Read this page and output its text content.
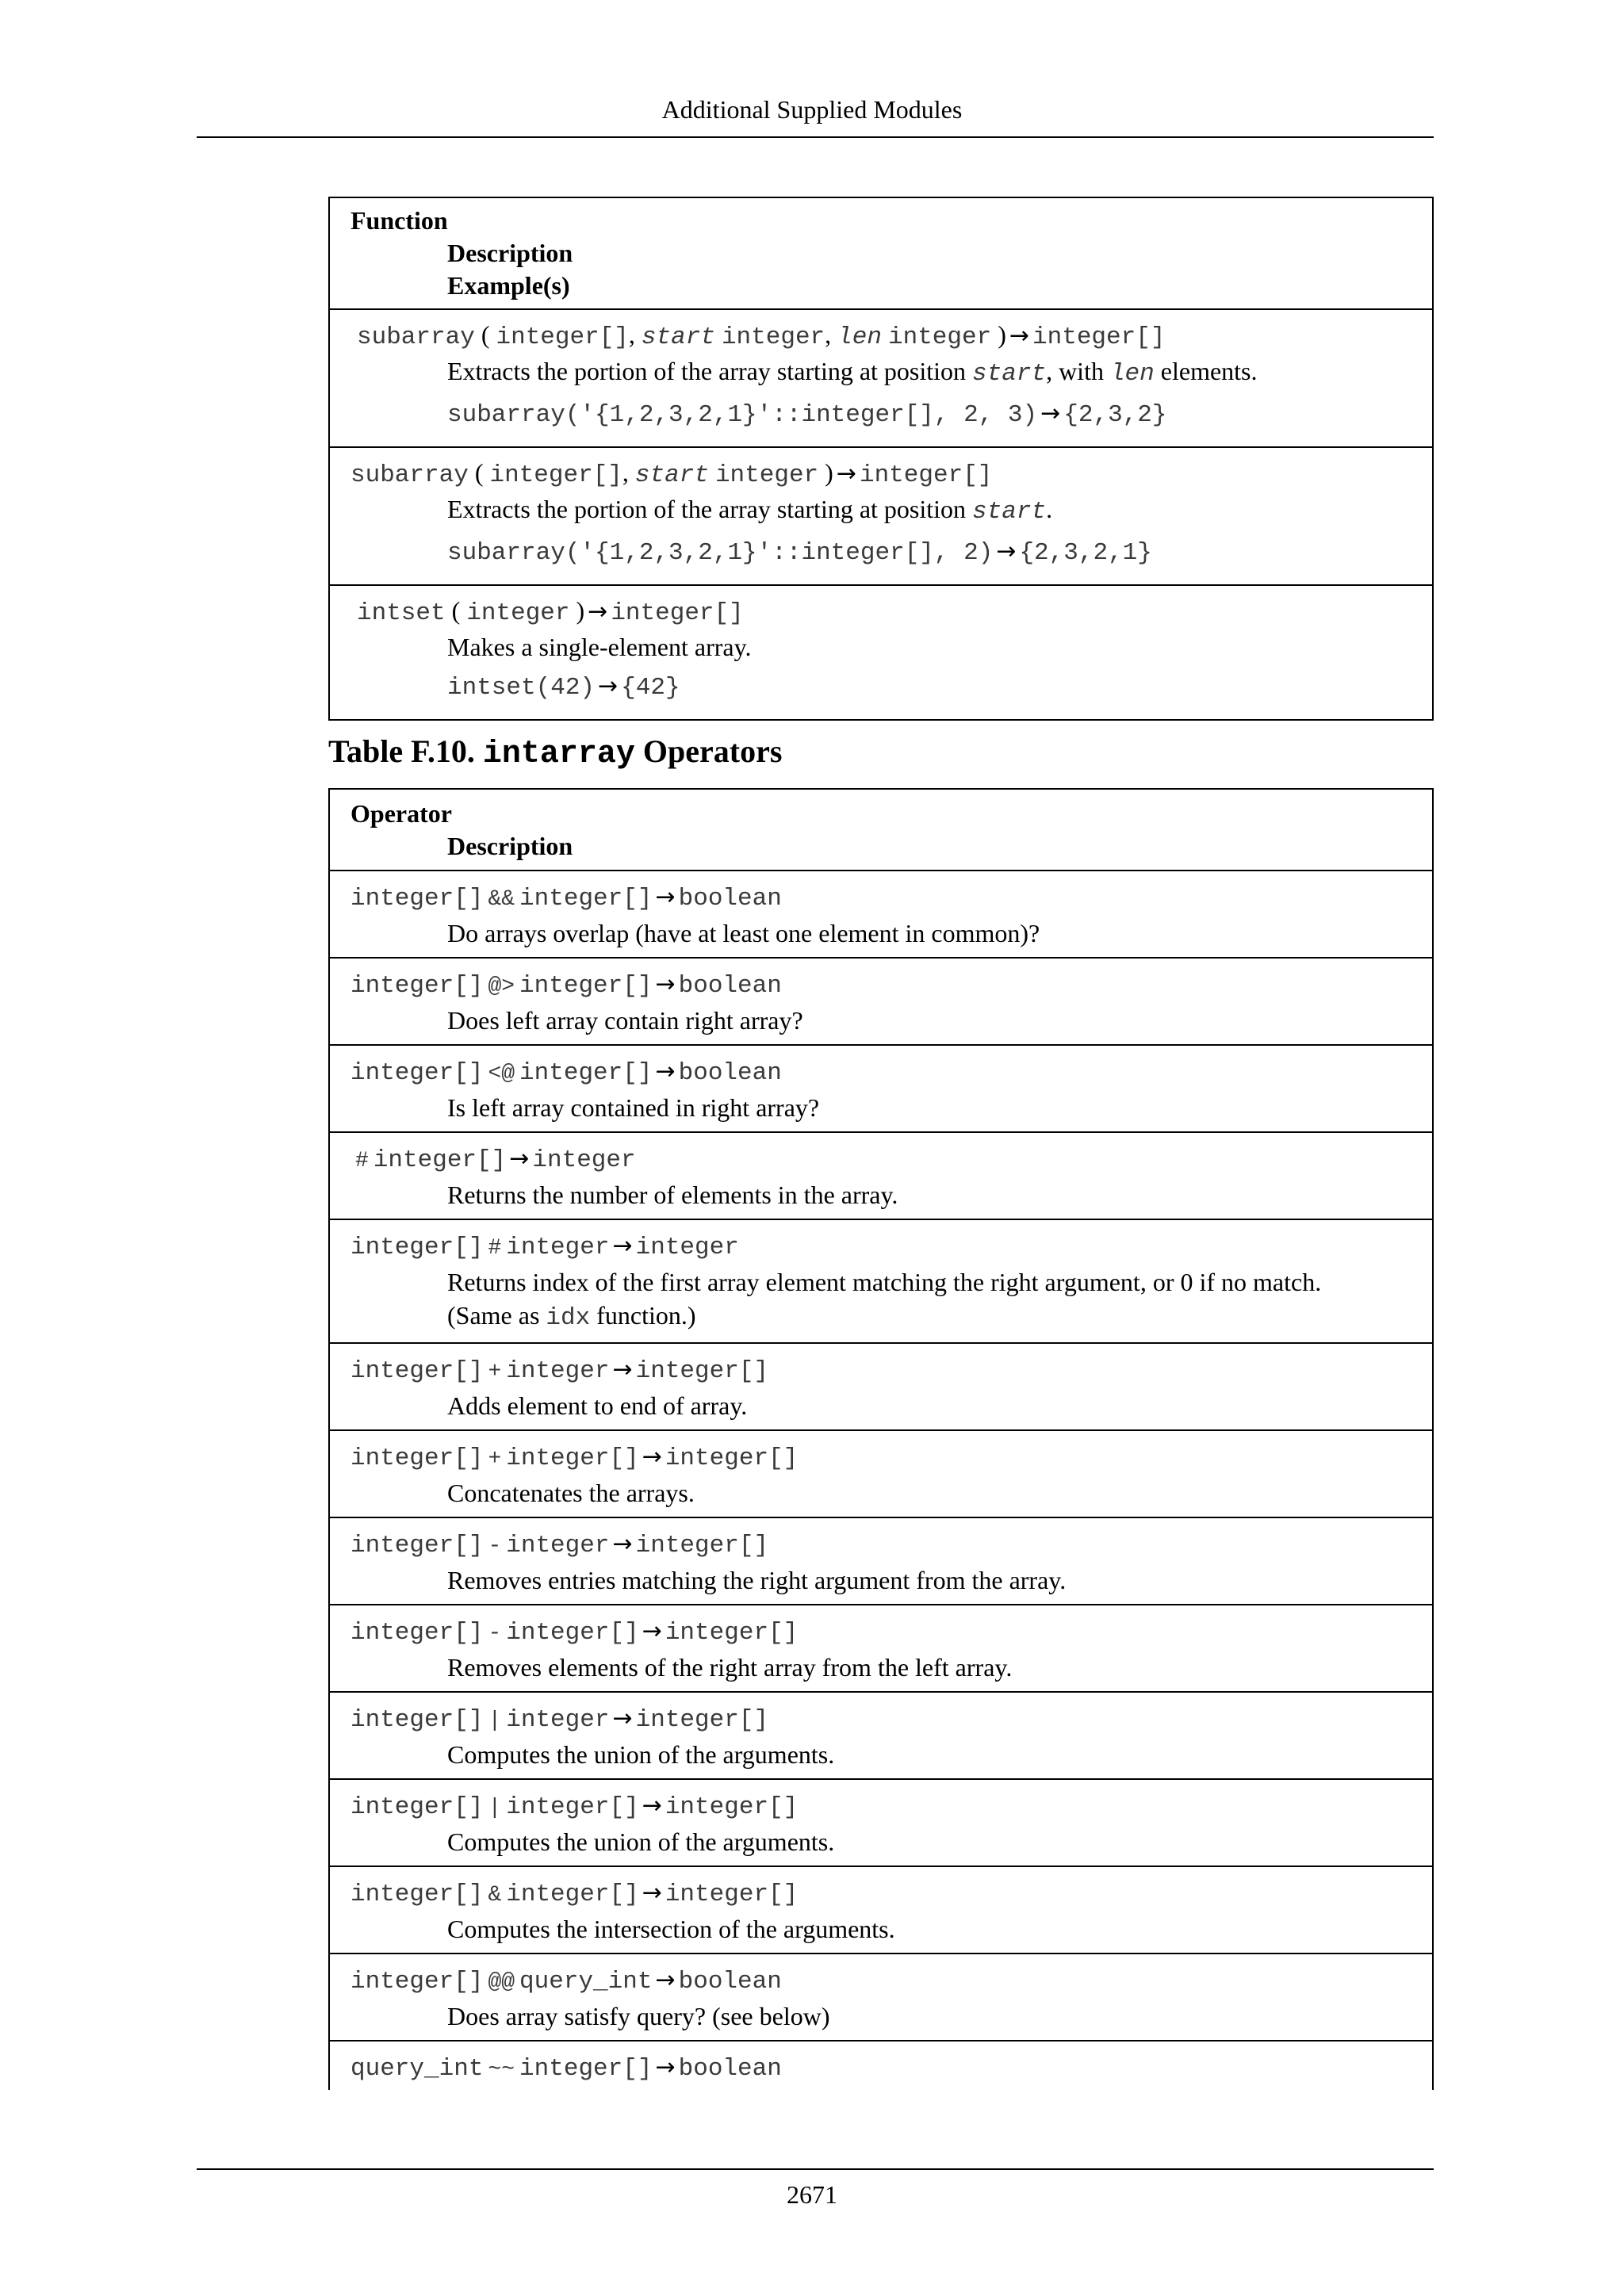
Additional Supplied Modules
Function
Description
Example(s)

subarray ( integer[], start integer, len integer ) → integer[]
Extracts the portion of the array starting at position start, with len elements.
subarray('{1,2,3,2,1}'::integer[], 2, 3) → {2,3,2}

subarray ( integer[], start integer ) → integer[]
Extracts the portion of the array starting at position start.
subarray('{1,2,3,2,1}'::integer[], 2) → {2,3,2,1}

intset ( integer ) → integer[]
Makes a single-element array.
intset(42) → {42}
Table F.10. intarray Operators
Operator
Description

integer[] && integer[] → boolean
Do arrays overlap (have at least one element in common)?

integer[] @> integer[] → boolean
Does left array contain right array?

integer[] <@ integer[] → boolean
Is left array contained in right array?

# integer[] → integer
Returns the number of elements in the array.

integer[] # integer → integer
Returns index of the first array element matching the right argument, or 0 if no match.
(Same as idx function.)

integer[] + integer → integer[]
Adds element to end of array.

integer[] + integer[] → integer[]
Concatenates the arrays.

integer[] - integer → integer[]
Removes entries matching the right argument from the array.

integer[] - integer[] → integer[]
Removes elements of the right array from the left array.

integer[] | integer → integer[]
Computes the union of the arguments.

integer[] | integer[] → integer[]
Computes the union of the arguments.

integer[] & integer[] → integer[]
Computes the intersection of the arguments.

integer[] @@ query_int → boolean
Does array satisfy query? (see below)

query_int ~~ integer[] → boolean
2671
